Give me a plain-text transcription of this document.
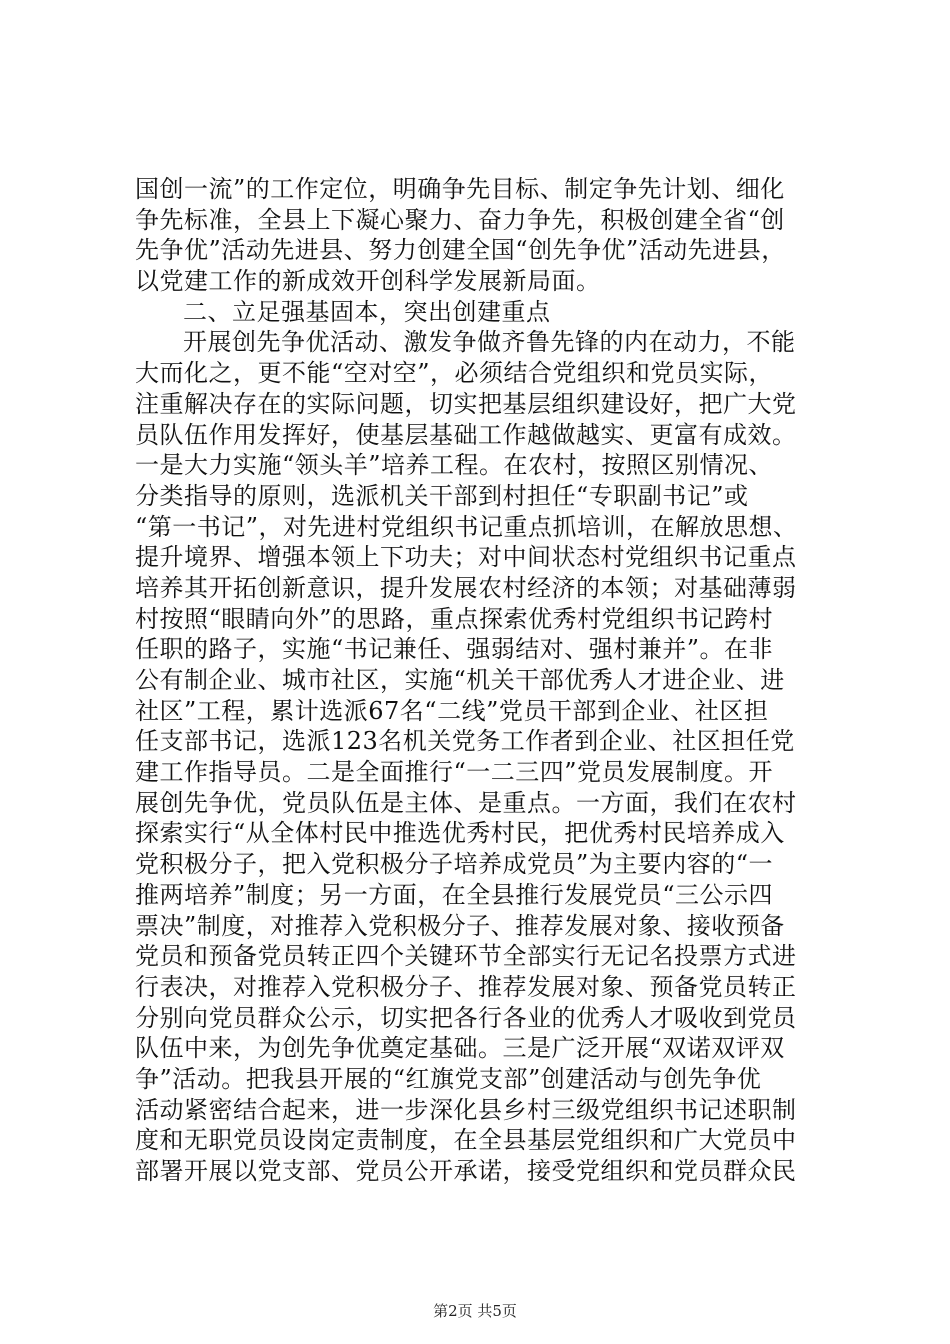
国创一流”的工作定位，明确争先目标、制定争先计划、细化
争先标准，全县上下凝心聚力、奋力争先，积极创建全省“创
先争优”活动先进县、努力创建全国“创先争优”活动先进县，
以党建工作的新成效开创科学发展新局面。
二、立足强基固本，突出创建重点
开展创先争优活动、激发争做齐鲁先锋的内在动力，不能
大而化之，更不能“空对空”，必须结合党组织和党员实际，
注重解决存在的实际问题，切实把基层组织建设好，把广大党
员队伍作用发挥好，使基层基础工作越做越实、更富有成效。
一是大力实施“领头羊”培养工程。在农村，按照区别情况、
分类指导的原则，选派机关干部到村担任“专职副书记”或
“第一书记”，对先进村党组织书记重点抓培训，在解放思想、
提升境界、增强本领上下功夫；对中间状态村党组织书记重点
培养其开拓创新意识，提升发展农村经济的本领；对基础薄弱
村按照“眼睛向外”的思路，重点探索优秀村党组织书记跨村
任职的路子，实施“书记兼任、强弱结对、强村兼并”。在非
公有制企业、城市社区，实施“机关干部优秀人才进企业、进
社区”工程，累计选派67名“二线”党员干部到企业、社区担
任支部书记，选派123名机关党务工作者到企业、社区担任党
建工作指导员。二是全面推行“一二三四”党员发展制度。开
展创先争优，党员队伍是主体、是重点。一方面，我们在农村
探索实行“从全体村民中推选优秀村民，把优秀村民培养成入
党积极分子，把入党积极分子培养成党员”为主要内容的“一
推两培养”制度；另一方面，在全县推行发展党员“三公示四
票决”制度，对推荐入党积极分子、推荐发展对象、接收预备
党员和预备党员转正四个关键环节全部实行无记名投票方式进
行表决，对推荐入党积极分子、推荐发展对象、预备党员转正
分别向党员群众公示，切实把各行各业的优秀人才吸收到党员
队伍中来，为创先争优奠定基础。三是广泛开展“双诺双评双
争”活动。把我县开展的“红旗党支部”创建活动与创先争优
活动紧密结合起来，进一步深化县乡村三级党组织书记述职制
度和无职党员设岗定责制度，在全县基层党组织和广大党员中
部署开展以党支部、党员公开承诺，接受党组织和党员群众民
第2页 共5页
